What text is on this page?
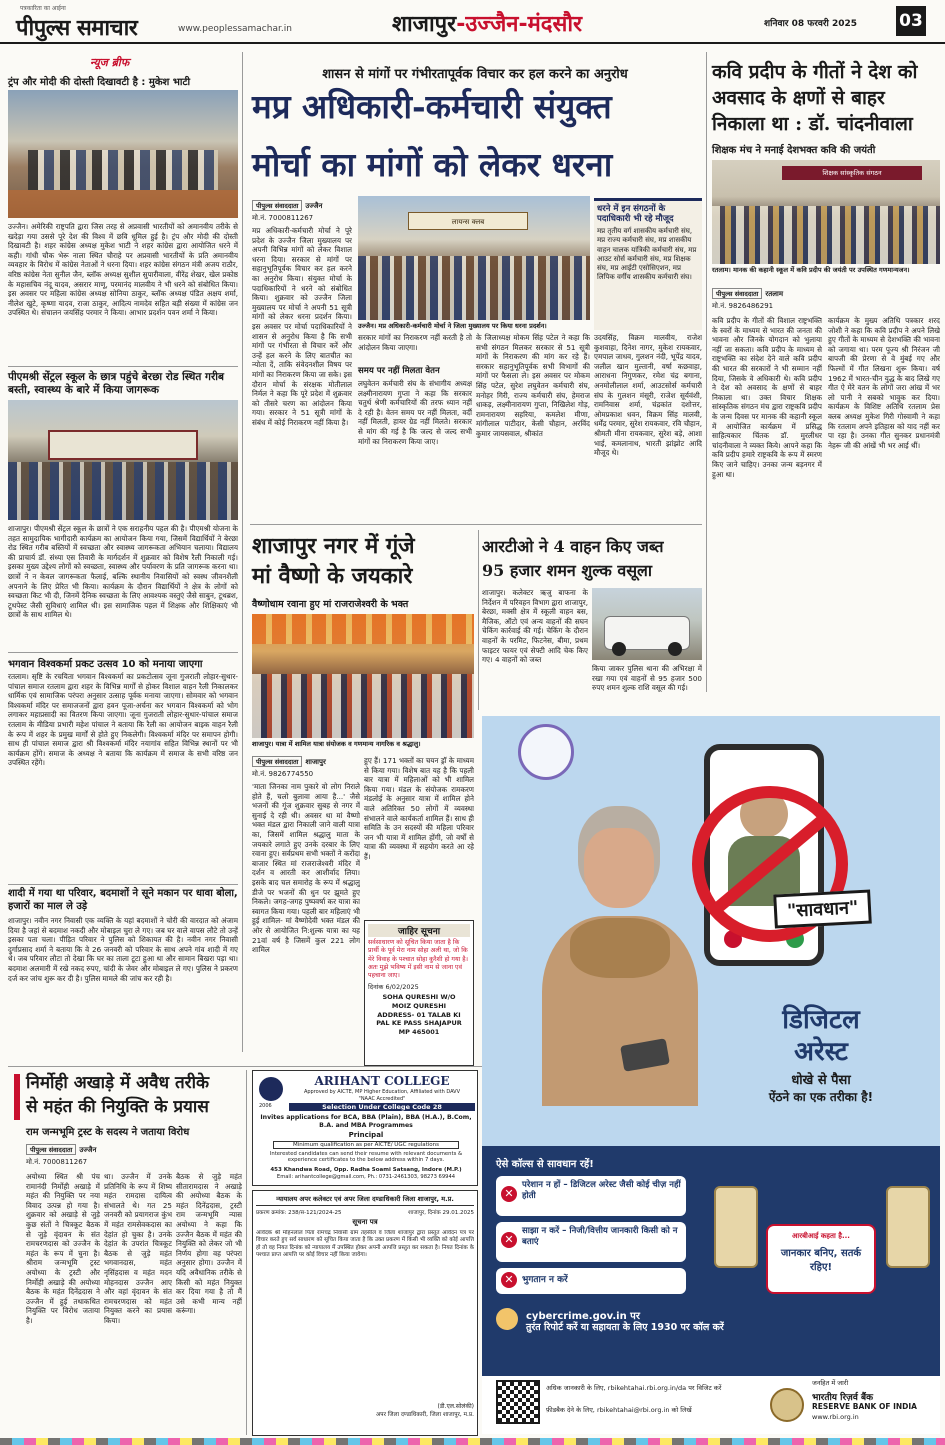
पत्रकारिता का आईना
पीपुल्स समाचार	www.peoplessamachar.in	शाजापुर-उज्जैन-मंदसौर	शनिवार 08 फरवरी 2025 03
न्यूज ब्रीफ
ट्रंप और मोदी की दोस्ती दिखावटी है : मुकेश भाटी
उज्जैन। अमेरिकी राष्ट्रपति द्वारा जिस तरह से अप्रवासी भारतीयों को अमानवीय तरीके से खदेड़ा गया उससे पूरे देश की विश्व में छवि धूमिल हुई है। ट्रंप और मोदी की दोस्ती दिखावटी है। शहर कांग्रेस अध्यक्ष मुकेश भाटी ने शहर कांग्रेस द्वारा आयोजित धरने में कही। गांधी चौक भेरू नाला स्थित चौराहे पर अप्रवासी भारतीयों के प्रति अमानवीय व्यवहार के विरोध में कांग्रेस नेताओं ने धरना दिया। शहर कांग्रेस संगठन मंत्री अजय राठौर, वरिष्ठ कांग्रेस नेता सुनील जैन, ब्लॉक अध्यक्ष सुशील सुपारीवाला, वीरेंद्र शेखर, खेल प्रकोष्ठ के महासचिव नंदू यादव, असरार माणू, परमानंद मालवीय ने भी धरने को संबोधित किया। इस अवसर पर महिला कांग्रेस अध्यक्ष सोनिया ठाकुर, ब्लॉक अध्यक्ष पंडित अक्षय शर्मा, नीलेश खुटे, कृष्णा यादव, राजा ठाकुर, आदित्य नामदेव सहित बड़ी संख्या में कांग्रेस जन उपस्थित थे। संचालन जयसिंह परमार ने किया। आभार प्रदर्शन पवन शर्मा ने किया।
पीएमश्री सेंट्रल स्कूल के छात्र पहुंचे बेरछा रोड स्थित गरीब बस्ती, स्वास्थ्य के बारे में किया जागरूक
शाजापुर। पीएमश्री सेंट्रल स्कूल के छात्रों ने एक सराहनीय पहल की है। पीएमश्री योजना के तहत सामुदायिक भागीदारी कार्यक्रम का आयोजन किया गया, जिसमें विद्यार्थियों ने बेरछा रोड स्थित गरीब बस्तियों में स्वच्छता और स्वास्थ्य जागरूकता अभियान चलाया। विद्यालय की प्राचार्य डॉ. संध्या एस तिवारी के मार्गदर्शन में शुक्रवार को विशेष रैली निकाली गई। इसका मुख्य उद्देश्य लोगों को स्वच्छता, स्वास्थ्य और पर्यावरण के प्रति जागरूक करना था। छात्रों ने न केवल जागरूकता फैलाई, बल्कि स्थानीय निवासियों को स्वस्थ जीवनशैली अपनाने के लिए प्रेरित भी किया। कार्यक्रम के दौरान विद्यार्थियों ने क्षेत्र के लोगों को स्वच्छता किट भी दी, जिनमें दैनिक स्वच्छता के लिए आवश्यक वस्तुएं जैसे साबुन, टूथब्रश, टूथपेस्ट जैसी सुविधाएं शामिल थी। इस सामाजिक पहल में शिक्षक और शिक्षिकाएं भी छात्रों के साथ शामिल थे।
भगवान विश्वकर्मा प्रकट उत्सव 10 को मनाया जाएगा
रतलाम। सृष्टि के रचयिता भगवान विश्वकर्मा का प्रकटोत्सव जूना गुजराती लोहार-सुथार-पांचाल समाज रतलाम द्वारा शहर के विभिन्न मार्गों से होकर विशाल वाहन रैली निकालकर धार्मिक एवं सामाजिक परंपरा अनुसार उत्साह पूर्वक मनाया जाएगा। सोमवार को भगवान विश्वकर्मा मंदिर पर समाजजनों द्वारा हवन पूजा-अर्चना कर भगवान विश्वकर्मा को भोग लगाकर महाप्रसादी का वितरण किया जाएगा। जूना गुजराती लोहार-सुथार-पांचाल समाज रतलाम के मीडिया प्रभारी महेश पांचाल ने बताया कि रैली का आयोजन बाइक वाहन रैली के रूप में शहर के प्रमुख मार्गों से होते हुए निकलेगी। विश्वकर्मा मंदिर पर समापन होगी। साथ ही पांचाल समाज द्वारा श्री विश्वकर्मा मंदिर नयागांव सहित विभिन्न स्थानों पर भी कार्यक्रम होंगे। समाज के अध्यक्ष ने बताया कि कार्यक्रम में समाज के सभी वरिष्ठ जन उपस्थित रहेंगे।
शादी में गया था परिवार, बदमाशों ने सूने मकान पर धावा बोला, हजारों का माल ले उड़े
शाजापुर। नवीन नगर निवासी एक व्यक्ति के यहां बदमाशों ने चोरी की वारदात को अंजाम दिया है जहां से बदमाश नकदी और मोबाइल चुरा ले गए। जब घर वाले वापस लौटे तो उन्हें इसका पता चला। पीड़ित परिवार ने पुलिस को शिकायत की है। नवीन नगर निवासी दुर्गाप्रसाद शर्मा ने बताया कि वे 26 जनवरी को परिवार के साथ अपने गांव शादी में गए थे। जब परिवार लौटा तो देखा कि घर का ताला टूटा हुआ था और सामान बिखरा पड़ा था। बदमाश अलमारी में रखे नकद रुपए, चांदी के जेवर और मोबाइल ले गए। पुलिस ने प्रकरण दर्ज कर जांच शुरू कर दी है। पुलिस मामले की जांच कर रही है।
शासन से मांगों पर गंभीरतापूर्वक विचार कर हल करने का अनुरोध
मप्र अधिकारी-कर्मचारी संयुक्त
मोर्चा का मांगों को लेकर धरना
पीपुल्स संवाददाता उज्जैन
मो.नं. 7000811267
मप्र अधिकारी-कर्मचारी मोर्चा ने पूरे प्रदेश के उज्जैन जिला मुख्यालय पर अपनी विभिन्न मांगों को लेकर विशाल धरना दिया। सरकार से मांगों पर सहानुभूतिपूर्वक विचार कर हल करने का अनुरोध किया। संयुक्त मोर्चा के पदाधिकारियों ने धरने को संबोधित किया। शुक्रवार को उज्जैन जिला मुख्यालय पर मोर्चा ने अपनी 51 सूत्री मांगों को लेकर धरना प्रदर्शन किया। इस अवसर पर मोर्चा पदाधिकारियों ने शासन से अनुरोध किया है कि सभी मांगों पर गंभीरता से विचार करें और उन्हें हल करने के लिए बातचीत का न्योता दें, ताकि संवेदनशील विषय पर मांगों का निराकरण किया जा सके। इस दौरान मोर्चा के संरक्षक मोतीलाल निर्मल ने कहा कि पूरे प्रदेश में शुक्रवार को तीसरे चरण का आंदोलन किया गया। सरकार ने 51 सूत्री मांगों के संबंध में कोई निराकरण नहीं किया है।
लायन्स क्लब
उज्जैन। मप्र अधिकारी-कर्मचारी मोर्चा ने जिला मुख्यालय पर किया धरना प्रदर्शन।
धरने में इन संगठनों के पदाधिकारी भी रहे मौजूद
मप्र तृतीय वर्ग शासकीय कर्मचारी संघ, मप्र राज्य कर्मचारी संघ, मप्र शासकीय वाहन चालक यांत्रिकी कर्मचारी संघ, मप्र आउट सोर्स कर्मचारी संघ, मप्र शिक्षक संघ, मप्र आईटी एसोसिएशन, मप्र लिपिक वर्गीय शासकीय कर्मचारी संघ।
सरकार मांगों का निराकरण नहीं करती है तो आंदोलन किया जाएगा।
समय पर नहीं मिलता वेतन
लघुवेतन कर्मचारी संघ के संभागीय अध्यक्ष लक्ष्मीनारायण गुप्ता ने कहा कि सरकार चतुर्थ श्रेणी कर्मचारियों की तरफ ध्यान नहीं दे रही है। वेतन समय पर नहीं मिलता, वर्दी नहीं मिलती, हायर ग्रेड नहीं मिलते। सरकार से मांग की गई है कि जल्द से जल्द सभी मांगों का निराकरण किया जाए।
के जिलाध्यक्ष मोकम सिंह पटेल ने कहा कि सभी संगठन मिलकर सरकार से 51 सूत्री मांगों के निराकरण की मांग कर रहे हैं। सरकार सहानुभूतिपूर्वक सभी विभागों की मांगों पर फैसला ले। इस अवसर पर मोकम सिंह पटेल, सुरेश लघुवेतन कर्मचारी संघ, मनोहर गिरी, राज्य कर्मचारी संघ, हेमराज धाकड़, लक्ष्मीनारायण गुप्ता, निखिलेश गोड़, रामनारायण सहरिया, कमलेश मीणा, मांगीलाल पाटीदार, केसी चौहान, अरविंद कुमार जायसवाल, श्रीकांत
उदयसिंह, विक्रम मालवीय, राजेश कुशवाहा, दिनेश नागर, मुकेश रायकवार, एमपाल जाधव, गुलशन नंदी, भूपेंद्र यादव, जलील खान मुल्तानी, वर्षा कछवाहा, आराधना निगुणकर, रमेश चंद्र बगाना, अनमोलीलाल शर्मा, आउटसोर्स कर्मचारी संघ के गुलशन मंसूरी, राजेश सूर्यवंशी, रामनिवास शर्मा, चंद्रकांत दशोत्तर, ओमप्रकाश धवन, विक्रम सिंह मालवी, धर्मेंद्र परमार, सुरेश रायकवार, रवि चौहान, श्रीमती मीना रायकवार, सुरेश बड़े, आशा भाई, कमलानाथ, भारती झांझोट आदि मौजूद थे।
कवि प्रदीप के गीतों ने देश को
अवसाद के क्षणों से बाहर
निकाला था : डॉ. चांदनीवाला
शिक्षक मंच ने मनाई देशभक्त कवि की जयंती
शिक्षक सांस्कृतिक संगठन
रतलाम। मानक की कहानी स्कूल में कवि प्रदीप की जयंती पर उपस्थित गणमान्यजन।
पीपुल्स संवाददाता रतलाम
मो.नं. 9826486291
कवि प्रदीप के गीतों की विशाल राष्ट्रभक्ति के स्वरों के माध्यम से भारत की जनता की भावना और जिनके योगदान को भुलाया नहीं जा सकता। कवि प्रदीप के माध्यम से राष्ट्रभक्ति का संदेश देने वाले कवि प्रदीप की भारत की सरकारों ने भी सम्मान नहीं दिया, जिसके वे अधिकारी थे। कवि प्रदीप ने देश को अवसाद के क्षणों से बाहर निकाला था। उक्त विचार शिक्षक सांस्कृतिक संगठन मंच द्वारा राष्ट्रकवि प्रदीप के जन्म दिवस पर मानक की कहानी स्कूल में आयोजित कार्यक्रम में प्रसिद्ध साहित्यकार चिंतक डॉ. मुरलीधर चांदनीवाला ने व्यक्त किये। आपने कहा कि कवि प्रदीप हमारे राष्ट्रकवि के रूप में स्मरण किए जाने चाहिए। उनका जन्म बड़नगर में हुआ था।
कार्यक्रम के मुख्य अतिथि पत्रकार शरद जोशी ने कहा कि कवि प्रदीप ने अपने लिखे हुए गीतों के माध्यम से देशभक्ति की भावना को जगाया था। परम पूज्य श्री निरंजन जी बापजी की प्रेरणा से वे मुंबई गए और फिल्मों में गीत लिखना शुरू किया। वर्ष 1962 में भारत-चीन युद्ध के बाद लिखे गए गीत ऐ मेरे वतन के लोगों जरा आंख में भर लो पानी ने सबको भावुक कर दिया। कार्यक्रम के विशिष्ट अतिथि रतलाम प्रेस क्लब अध्यक्ष मुकेश गिरी गोस्वामी ने कहा कि रतलाम अपने इतिहास को याद नहीं कर पा रहा है। उनका गीत सुनकर प्रधानमंत्री नेहरू जी की आंखें भी भर आई थीं।
शाजापुर नगर में गूंजे
मां वैष्णो के जयकारे
वैष्णोधाम रवाना हुए मां राजराजेश्वरी के भक्त
शाजापुर। यात्रा में शामिल यात्रा संयोजक व गणमान्य नागरिक व श्रद्धालु।
पीपुल्स संवाददाता शाजापुर
मो.नं. 9826774550
'माता जिनका नाम पुकारे वो लोग निराले होते हैं, चलो बुलावा आया है...' जैसे भजनों की गूंज शुक्रवार सुबह से नगर में सुनाई दे रही थी। अवसर था मां वैष्णो भक्त मंडल द्वारा निकाली जाने वाली यात्रा का, जिसमें शामिल श्रद्धालु माता के जयकारे लगाते हुए उनके दरबार के लिए रवाना हुए। सर्वप्रथम सभी भक्तों ने करोंदा बाजार स्थित मां राजराजेश्वरी मंदिर में दर्शन व आरती कर आशीर्वाद लिया। इसके बाद चल समारोह के रूप में श्रद्धालु डीजे पर भजनों की धुन पर झूमते हुए निकले। जगह-जगह पुष्पवर्षा कर यात्रा का स्वागत किया गया। पहली बार महिलाएं भी हुई शामिल- मां वैष्णोदेवी भक्त मंडल की ओर से आयोजित नि:शुल्क यात्रा का यह 21वां वर्ष है जिसमें कुल 221 लोग शामिल
हुए हैं। 171 भक्तों का चयन ड्रॉ के माध्यम से किया गया। विशेष बात यह है कि पहली बार यात्रा में महिलाओं को भी शामिल किया गया। मंडल के संयोजक रामकरण मंडलोई के अनुसार यात्रा में शामिल होने वाले अतिरिक्त 50 लोगों में व्यवस्था संभालने वाले कार्यकर्ता शामिल हैं। साथ ही समिति के उन सदस्यों की महिला परिवार जन भी यात्रा में शामिल होंगी, जो वर्षों से यात्रा की व्यवस्था में सहयोग करते आ रहे हैं।
जाहिर सूचना
सर्वसाधारण को सूचित किया जाता है कि प्रार्थी के पूर्व मेरा नाम सोहा अली था, जो कि मेरे विवाह के पश्चात सोहा कुरैशी हो गया है। अतः मुझे भविष्य में इसी नाम से जाना एवं पहचाना जाए।
दिनांक 6/02/2025
SOHA QURESHI W/O
MOIZ QURESHI
ADDRESS- 01 TALAB KI
PAL KE PASS SHAJAPUR
MP 465001
आरटीओ ने 4 वाहन किए जब्त
95 हजार शमन शुल्क वसूला
शाजापुर। कलेक्टर ऋजु बाफना के निर्देशन में परिवहन विभाग द्वारा शाजापुर, बेरछा, मक्सी क्षेत्र में स्कूली वाहन बस, मैजिक, ऑटो एवं अन्य वाहनों की सघन चेकिंग कार्रवाई की गई। चेकिंग के दौरान वाहनों के परमिट, फिटनेस, बीमा, प्रथम फाइटर फायर एवं सेफ्टी आदि चेक किए गए। 4 वाहनों को जब्त
किया जाकर पुलिस थाना की अभिरक्षा में रखा गया एवं वाहनों से 95 हजार 500 रुपए शमन शुल्क राशि वसूल की गई।
निर्मोही अखाड़े में अवैध तरीके
से महंत की नियुक्ति के प्रयास
राम जन्मभूमि ट्रस्ट के सदस्य ने जताया विरोध
पीपुल्स संवाददाता उज्जैन
मो.नं. 7000811267
अयोध्या स्थित श्री पंच रामानंदी निर्मोही अखाड़े में महंत की नियुक्ति पर नया विवाद उत्पन्न हो गया है। शुक्रवार को अखाड़े से जुड़े कुछ संतों ने चित्रकूट बैठक से जुड़े वृंदावन के संत रामचरणदास को उज्जैन के महंत के रूप में चुना है। श्रीराम जन्मभूमि ट्रस्ट अयोध्या के ट्रस्टी और निर्मोही अखाड़े की अयोध्या बैठक के महंत दिनेंद्रदास ने उज्जैन में हुई तथाकथित नियुक्ति पर विरोध जताया है।
था। उज्जैन में उनके प्रतिनिधि के रूप में शिष्य महंत रामदास दायित्व संभालते थे। गत 25 जनवरी को प्रयागराज कुंभ में महंत रामसेवकदास का देहांत हो चुका है। उनके देहांत के उपरांत चित्रकूट बैठक से जुड़े महंत भगवानदास, महंत नृसिंहदास व महंत मदन मोहनदास उज्जैन आए और वहां वृंदावन के संत रामचरणदास को महंत नियुक्त करने का प्रयास किया।
बैठक से जुड़े महंत सीतारामदास ने अखाड़े की अयोध्या बैठक के महंत दिनेंद्रदास, ट्रस्टी राम जन्मभूमि न्यास अयोध्या ने कहा कि उज्जैन बैठक में महंत की नियुक्ति को लेकर जो भी निर्णय होगा वह परंपरा अनुसार होगा। उज्जैन में यदि अवैधानिक तरीके से किसी को महंत नियुक्त कर दिया गया है तो मैं उसे कभी मान्य नहीं करूंगा।
2006
ARIHANT COLLEGE
Approved by AICTE, MP Higher Education, Affiliated with DAVV
"NAAC Accredited"
Selection Under College Code 28
Invites applications for BCA, BBA (Plain), BBA (H.A.), B.Com, B.A. and MBA Programmes
Principal
Minimum qualification as per AICTE/ UGC regulations
Interested candidates can send their resume with relevant documents & experience certificates to the below address within 7 days.
453 Khandwa Road, Opp. Radha Soami Satsang, Indore (M.P.)
Email: arihantcollege@gmail.com, Ph.: 0731-2461303, 98273 69944
न्यायालय अपर कलेक्टर एवं अपर जिला दण्डाधिकारी जिला शाजापुर, म.प्र.
प्रकरण क्रमांक: 238/स-121/2024-25	शाजापुर, दिनांक 29.01.2025
सूचना पत्र
आवेदक श्री मोहनलाल पिता रामचंद्र निवासी ग्राम तहसील व जिला शाजापुर द्वारा प्रस्तुत आवेदन पत्र पर विचार करते हुए सर्व साधारण को सूचित किया जाता है कि उक्त प्रकरण में किसी भी व्यक्ति को कोई आपत्ति हो तो वह नियत दिनांक को न्यायालय में उपस्थित होकर अपनी आपत्ति प्रस्तुत कर सकता है। नियत दिनांक के पश्चात प्राप्त आपत्ति पर कोई विचार नहीं किया जावेगा।
(डी.एल.सोलंकी)
अपर जिला दण्डाधिकारी, जिला शाजापुर, म.प्र.
"सावधान"
डिजिटल
अरेस्ट
धोखे से पैसा
ऐंठने का एक तरीका है!
ऐसे कॉल्स से सावधान रहें!
✕
परेशान न हों – डिजिटल अरेस्ट जैसी कोई चीज़ नहीं होती
✕
साझा न करें – निजी/वित्तीय जानकारी किसी को न बताएं
✕ भुगतान न करें
cybercrime.gov.in पर
तुरंत रिपोर्ट करें या सहायता के लिए 1930 पर कॉल करें
आरबीआई कहता है...
जानकार बनिए, सतर्क रहिए!
अधिक जानकारी के लिए, rbikehtahai.rbi.org.in/da पर विजिट करें
फ़ीडबैक देने के लिए, rbikehtahai@rbi.org.in को लिखें
जनहित में जारी
भारतीय रिज़र्व बैंक
RESERVE BANK OF INDIA
www.rbi.org.in
